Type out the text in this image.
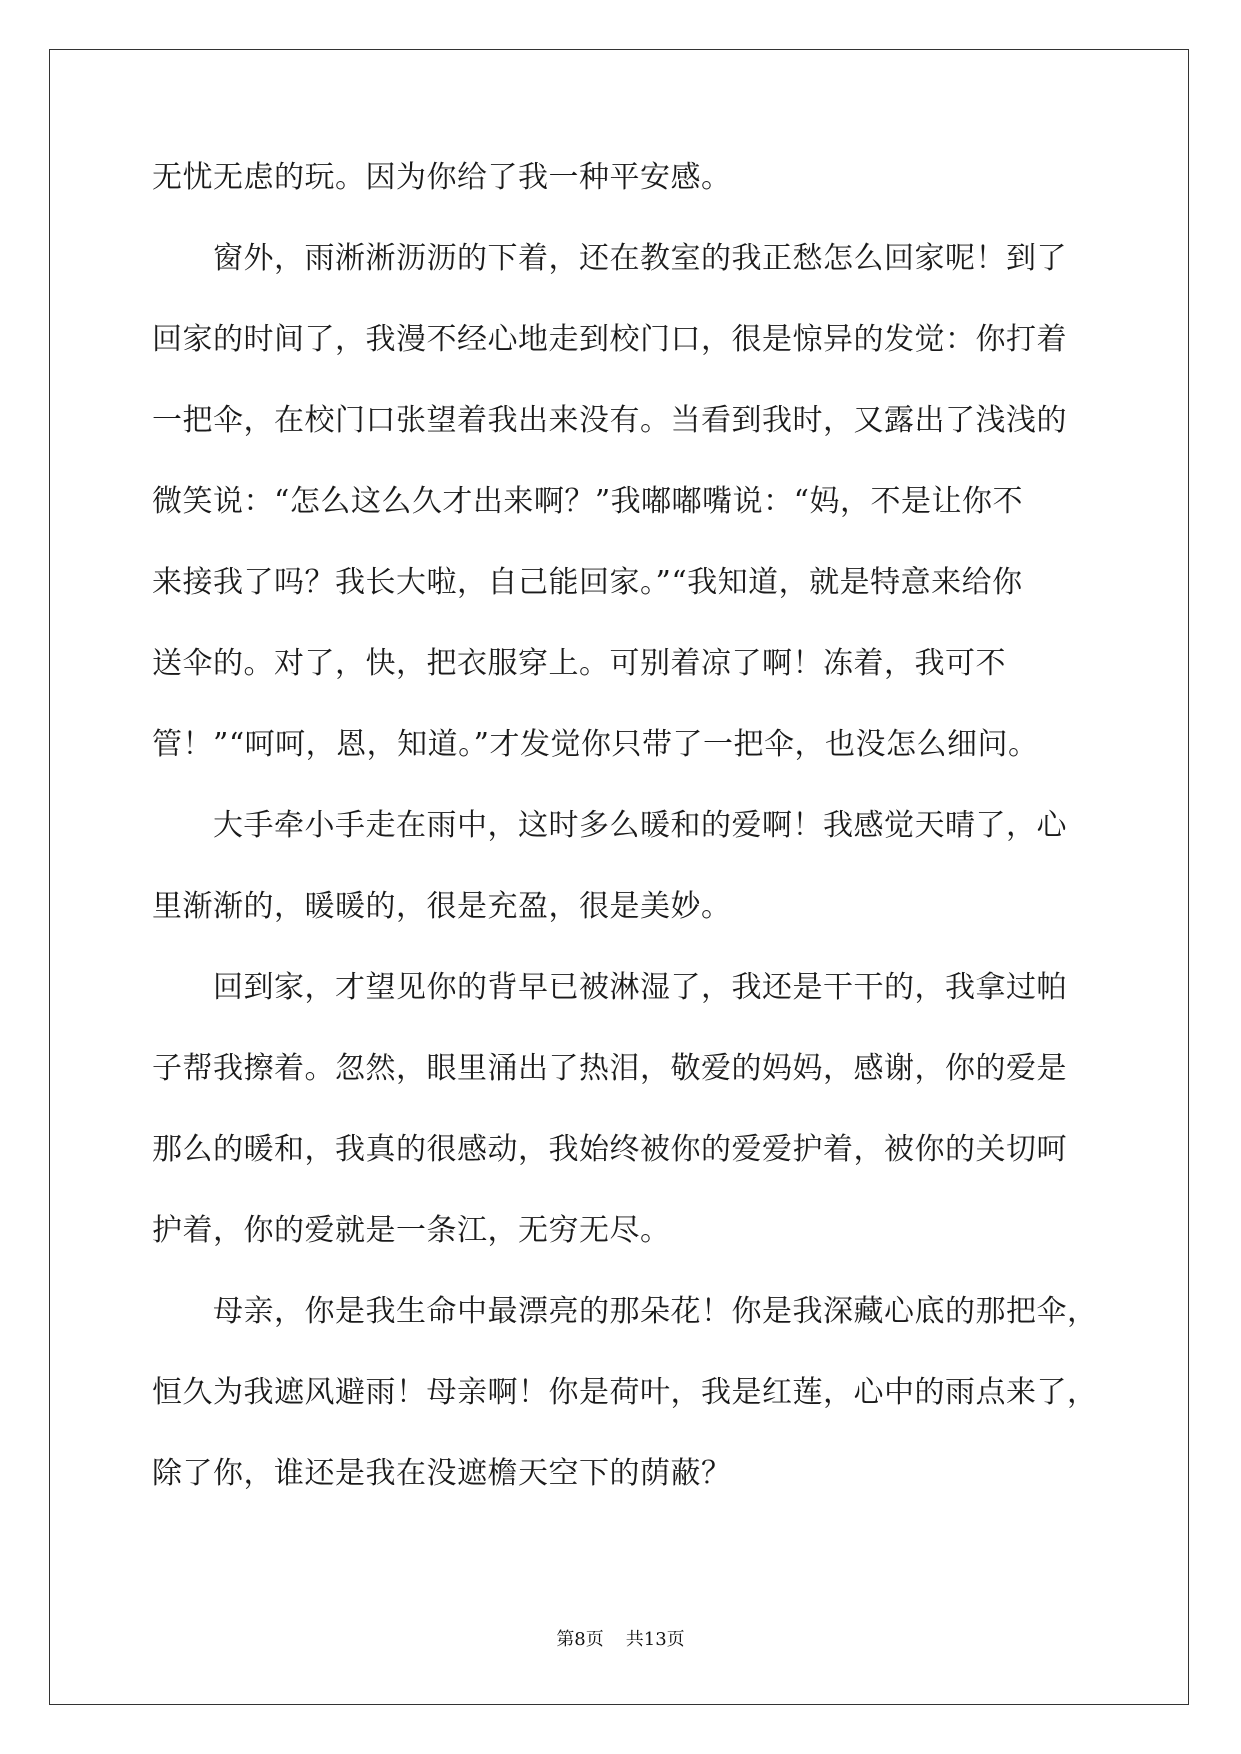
无忧无虑的玩。因为你给了我一种平安感。
　　窗外，雨淅淅沥沥的下着，还在教室的我正愁怎么回家呢！到了
回家的时间了，我漫不经心地走到校门口，很是惊异的发觉：你打着
一把伞，在校门口张望着我出来没有。当看到我时，又露出了浅浅的
微笑说：“怎么这么久才出来啊？”我嘟嘟嘴说：“妈，不是让你不
来接我了吗？我长大啦，自己能回家。”“我知道，就是特意来给你
送伞的。对了，快，把衣服穿上。可别着凉了啊！冻着，我可不
管！”“呵呵，恩，知道。”才发觉你只带了一把伞，也没怎么细问。
　　大手牵小手走在雨中，这时多么暖和的爱啊！我感觉天晴了，心
里渐渐的，暖暖的，很是充盈，很是美妙。
　　回到家，才望见你的背早已被淋湿了，我还是干干的，我拿过帕
子帮我擦着。忽然，眼里涌出了热泪，敬爱的妈妈，感谢，你的爱是
那么的暖和，我真的很感动，我始终被你的爱爱护着，被你的关切呵
护着，你的爱就是一条江，无穷无尽。
　　母亲，你是我生命中最漂亮的那朵花！你是我深藏心底的那把伞，
恒久为我遮风避雨！母亲啊！你是荷叶，我是红莲，心中的雨点来了，
除了你，谁还是我在没遮檐天空下的荫蔽？
第8页 共13页
